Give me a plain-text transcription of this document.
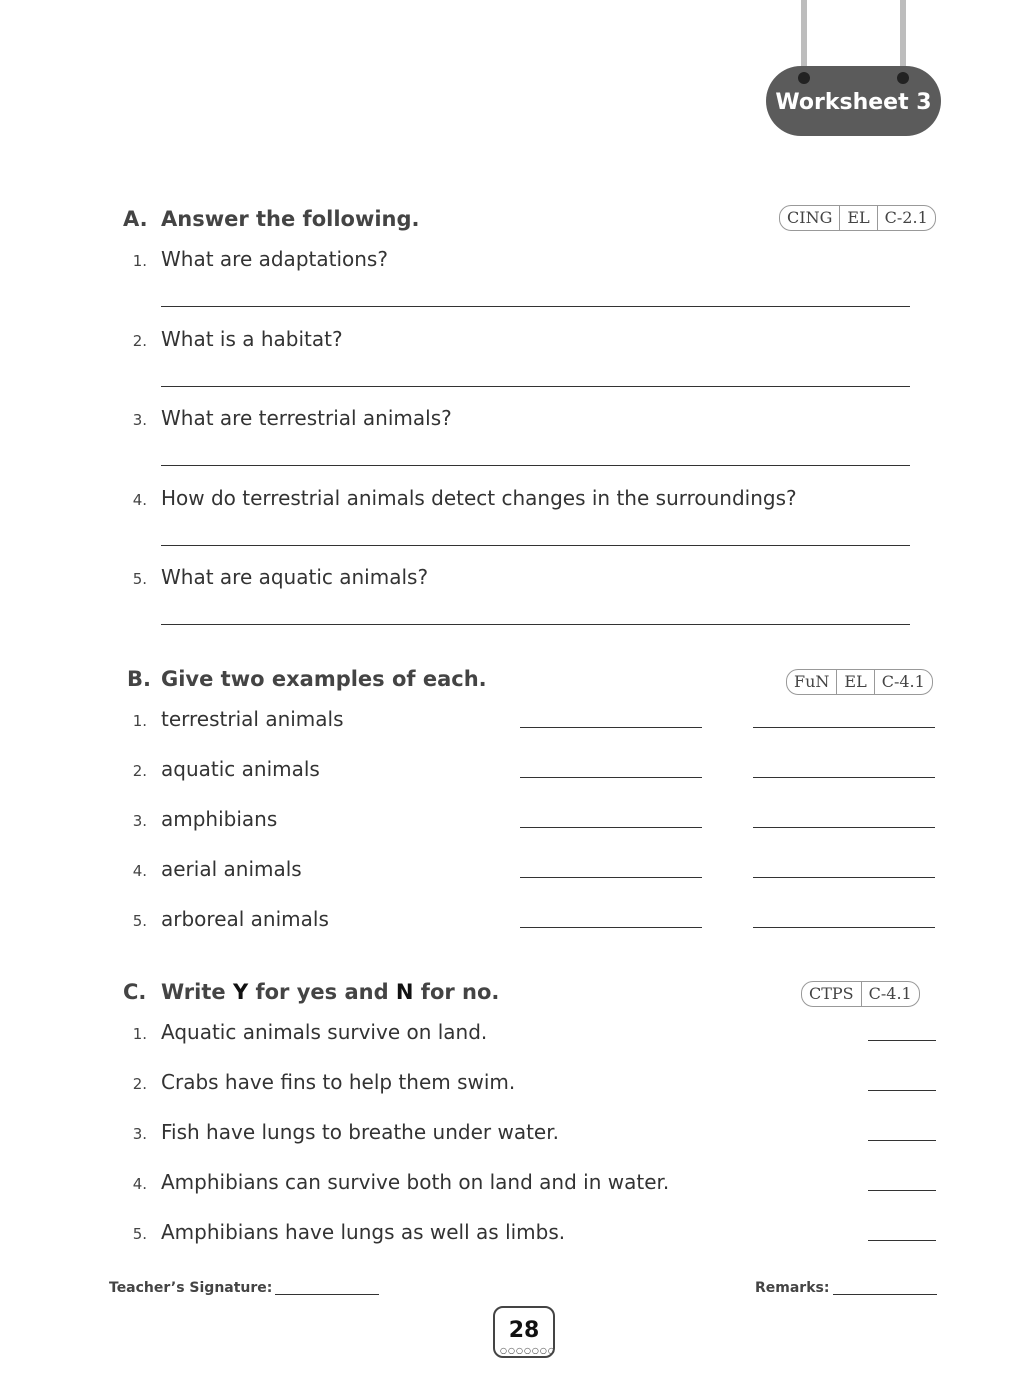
Worksheet 3
A. Answer the following.	CING EL C-2.1
1. What are adaptations?
2. What is a habitat?
3. What are terrestrial animals?
4. How do terrestrial animals detect changes in the surroundings?
5. What are aquatic animals?
B. Give two examples of each.	FuN EL C-4.1
1. terrestrial animals
2. aquatic animals
3. amphibians
4. aerial animals
5. arboreal animals
C. Write Y for yes and N for no.	CTPS C-4.1
1. Aquatic animals survive on land.
2. Crabs have fins to help them swim.
3. Fish have lungs to breathe under water.
4. Amphibians can survive both on land and in water.
5. Amphibians have lungs as well as limbs.
Teacher’s Signature:	Remarks:
28
○○○○○○○
